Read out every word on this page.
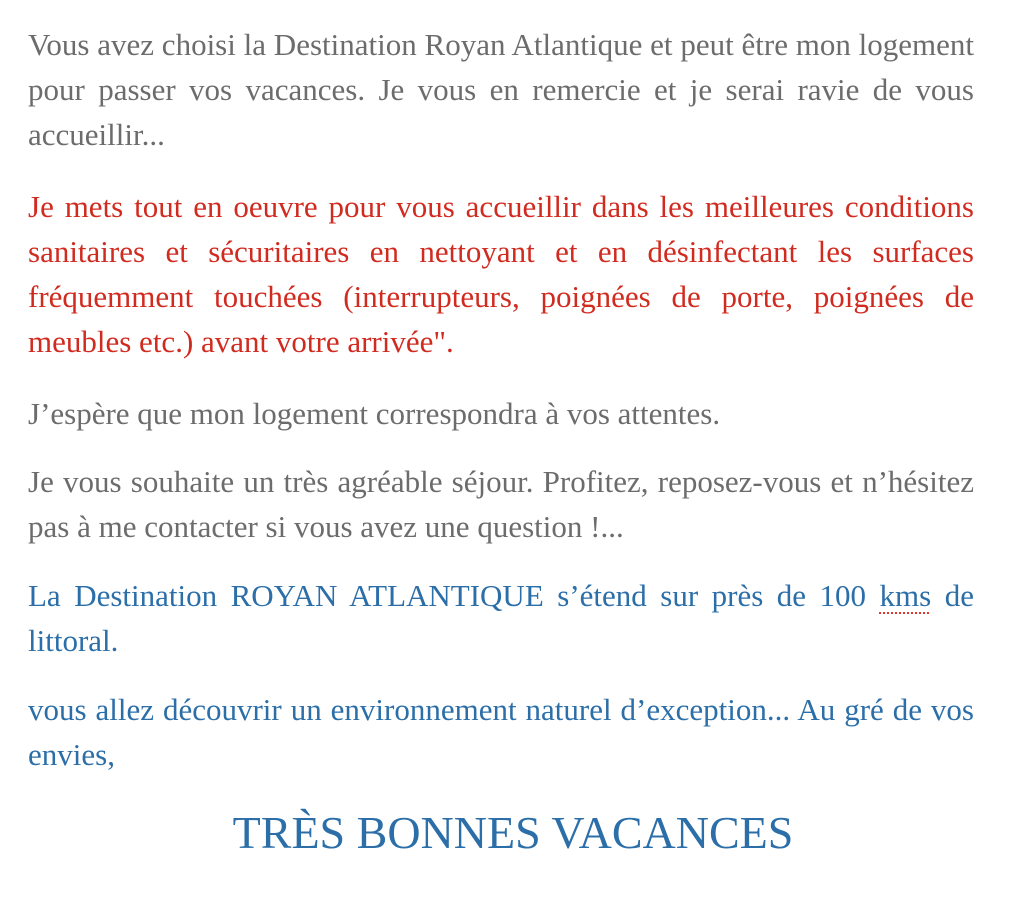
Vous avez choisi la Destination Royan Atlantique et peut être mon logement pour passer vos vacances. Je vous en remercie et je serai ravie de vous accueillir...

Je mets tout en oeuvre pour vous accueillir dans les meilleures conditions sanitaires et sécuritaires en nettoyant et en désinfectant les surfaces fréquemment touchées (interrupteurs, poignées de porte, poignées de meubles etc.) avant votre arrivée".

J’espère que mon logement correspondra à vos attentes.

Je vous souhaite un très agréable séjour. Profitez, reposez-vous et n’hésitez pas à me contacter si vous avez une question !...

La Destination ROYAN ATLANTIQUE s’étend sur près de 100 kms de littoral.

vous allez découvrir un environnement naturel d’exception... Au gré de vos envies,

TRÈS BONNES VACANCES
